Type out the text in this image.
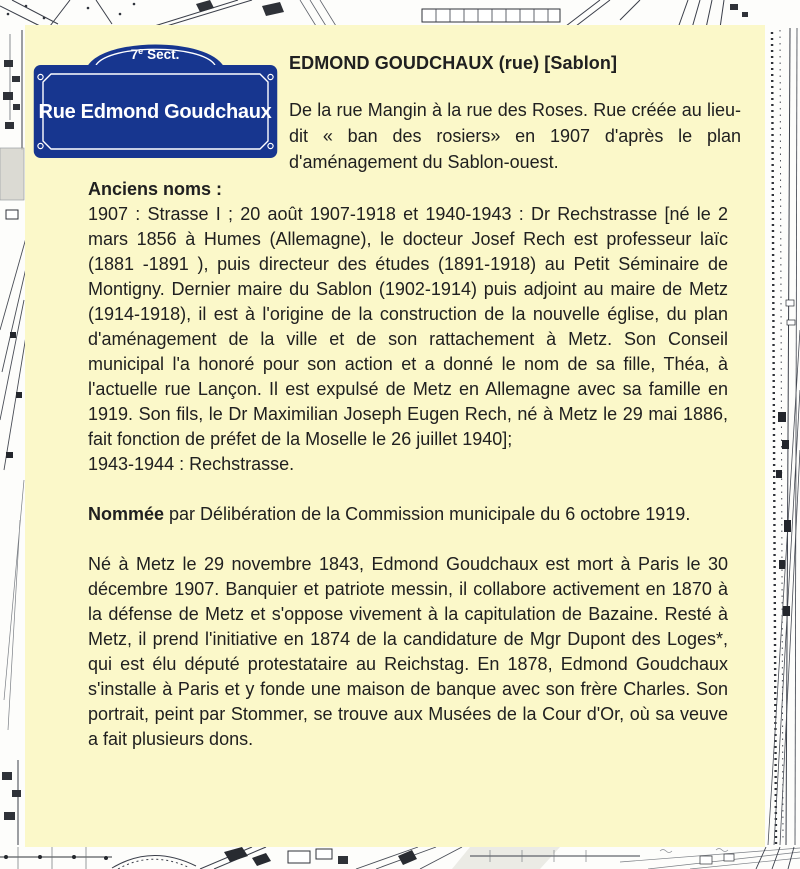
7e Sect.
Rue Edmond Goudchaux
EDMOND GOUDCHAUX (rue) [Sablon]
De la rue Mangin à la rue des Roses. Rue créée au lieu-dit « ban des rosiers» en 1907 d'après le plan d'aménagement du Sablon-ouest.
Anciens noms :
1907 : Strasse I ; 20 août 1907-1918 et 1940-1943 : Dr Rechstrasse [né le 2 mars 1856 à Humes (Allemagne), le docteur Josef Rech est professeur laïc (1881 -1891 ), puis directeur des études (1891-1918) au Petit Séminaire de Montigny. Dernier maire du Sablon (1902-1914) puis adjoint au maire de Metz (1914-1918), il est à l'origine de la construction de la nouvelle église, du plan d'aménagement de la ville et de son rattachement à Metz. Son Conseil municipal l'a honoré pour son action et a donné le nom de sa fille, Théa, à l'actuelle rue Lançon. Il est expulsé de Metz en Allemagne avec sa famille en 1919. Son fils, le Dr Maximilian Joseph Eugen Rech, né à Metz le 29 mai 1886, fait fonction de préfet de la Moselle le 26 juillet 1940];
1943-1944 : Rechstrasse.

Nommée par Délibération de la Commission municipale du 6 octobre 1919.

Né à Metz le 29 novembre 1843, Edmond Goudchaux est mort à Paris le 30 décembre 1907. Banquier et patriote messin, il collabore activement en 1870 à la défense de Metz et s'oppose vivement à la capitulation de Bazaine. Resté à Metz, il prend l'initiative en 1874 de la candidature de Mgr Dupont des Loges*, qui est élu député protestataire au Reichstag. En 1878, Edmond Goudchaux s'installe à Paris et y fonde une maison de banque avec son frère Charles. Son portrait, peint par Stommer, se trouve aux Musées de la Cour d'Or, où sa veuve a fait plusieurs dons.
